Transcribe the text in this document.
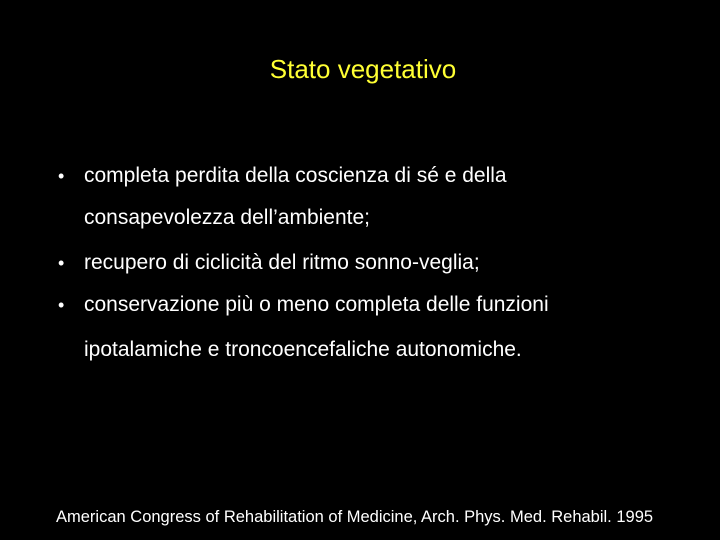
Stato vegetativo
• completa perdita della coscienza di sé e della
consapevolezza dell’ambiente;
• recupero di ciclicità del ritmo sonno-veglia;
• conservazione più o meno completa delle funzioni
ipotalamiche e troncoencefaliche autonomiche.
American Congress of Rehabilitation of Medicine, Arch. Phys. Med. Rehabil. 1995
